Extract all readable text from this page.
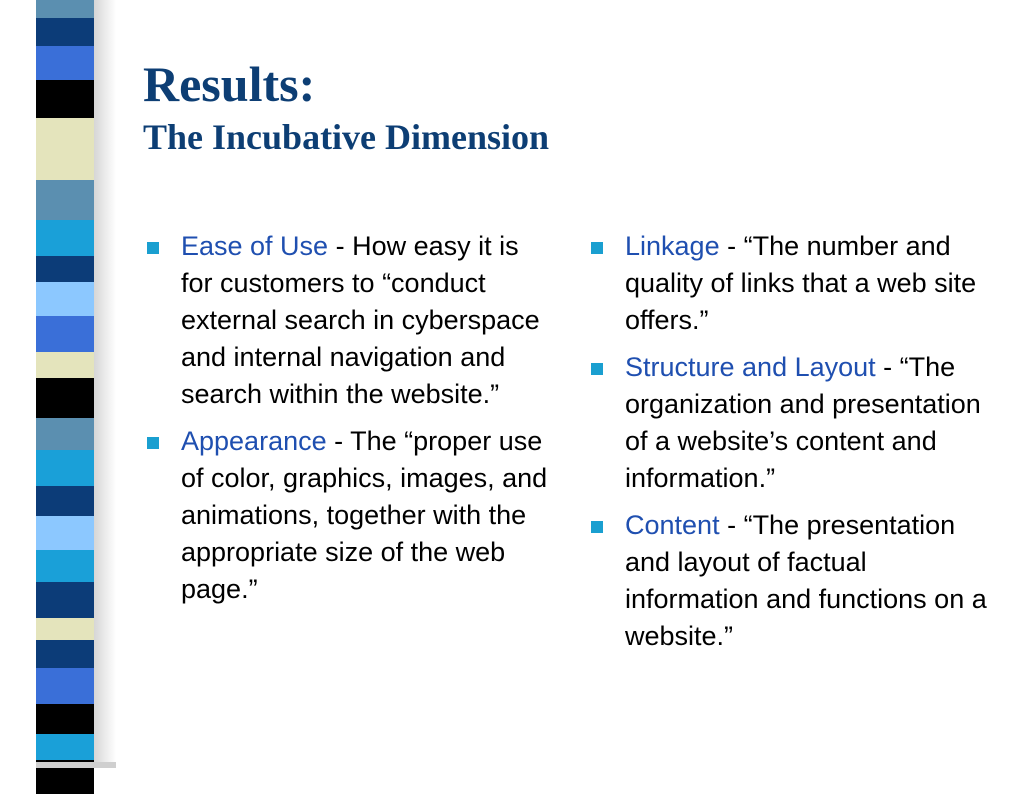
Results:
The Incubative Dimension
Ease of Use - How easy it is for customers to “conduct external search in cyberspace and internal navigation and search within the website.”
Appearance - The “proper use of color, graphics, images, and animations, together with the appropriate size of the web page.”
Linkage - “The number and quality of links that a web site offers.”
Structure and Layout - “The organization and presentation of a website’s content and information.”
Content - “The presentation and layout of factual information and functions on a website.”
